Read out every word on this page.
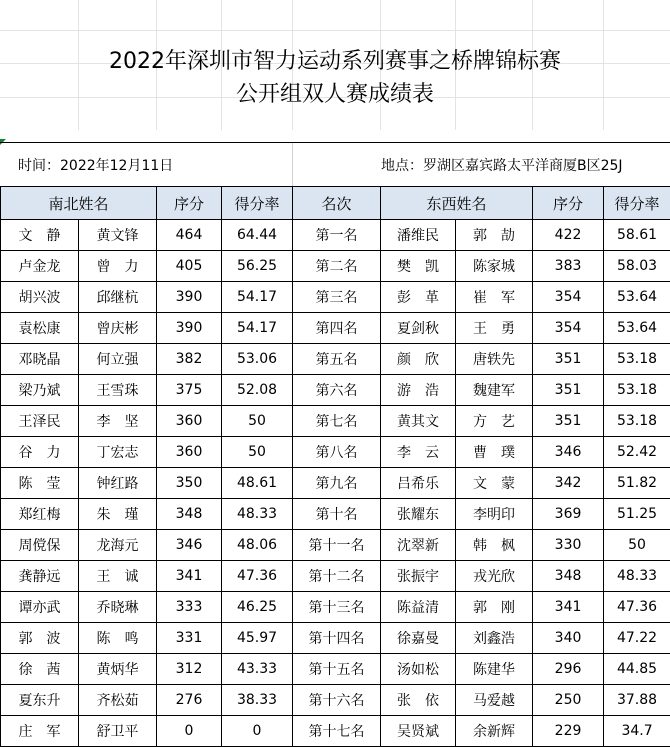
2022年深圳市智力运动系列赛事之桥牌锦标赛
公开组双人赛成绩表
时间：2022年12月11日	地点：罗湖区嘉宾路太平洋商厦B区25J
南北姓名		序分	得分率	名次	东西姓名		序分	得分率
文　静	黄文锋	464	64.44	第一名	潘维民	郭　劼	422	58.61
卢金龙	曾　力	405	56.25	第二名	樊　凯	陈家城	383	58.03
胡兴波	邱继杭	390	54.17	第三名	彭　革	崔　军	354	53.64
袁松康	曾庆彬	390	54.17	第四名	夏剑秋	王　勇	354	53.64
邓晓晶	何立强	382	53.06	第五名	颜　欣	唐轶先	351	53.18
梁乃斌	王雪珠	375	52.08	第六名	游　浩	魏建军	351	53.18
王泽民	李　坚	360	50	第七名	黄其文	方　艺	351	53.18
谷　力	丁宏志	360	50	第八名	李　云	曹　璞	346	52.42
陈　莹	钟红路	350	48.61	第九名	吕希乐	文　蒙	342	51.82
郑红梅	朱　瑾	348	48.33	第十名	张耀东	李明印	369	51.25
周傥保	龙海元	346	48.06	第十一名	沈翠新	韩　枫	330	50
龚静远	王　诚	341	47.36	第十二名	张振宇	戎光欣	348	48.33
谭亦武	乔晓琳	333	46.25	第十三名	陈益清	郭　刚	341	47.36
郭　波	陈　鸣	331	45.97	第十四名	徐嘉曼	刘鑫浩	340	47.22
徐　茜	黄炳华	312	43.33	第十五名	汤如松	陈建华	296	44.85
夏东升	齐松茹	276	38.33	第十六名	张　依	马爱越	250	37.88
庄　军	舒卫平	0	0	第十七名	吴贤斌	余新辉	229	34.7
